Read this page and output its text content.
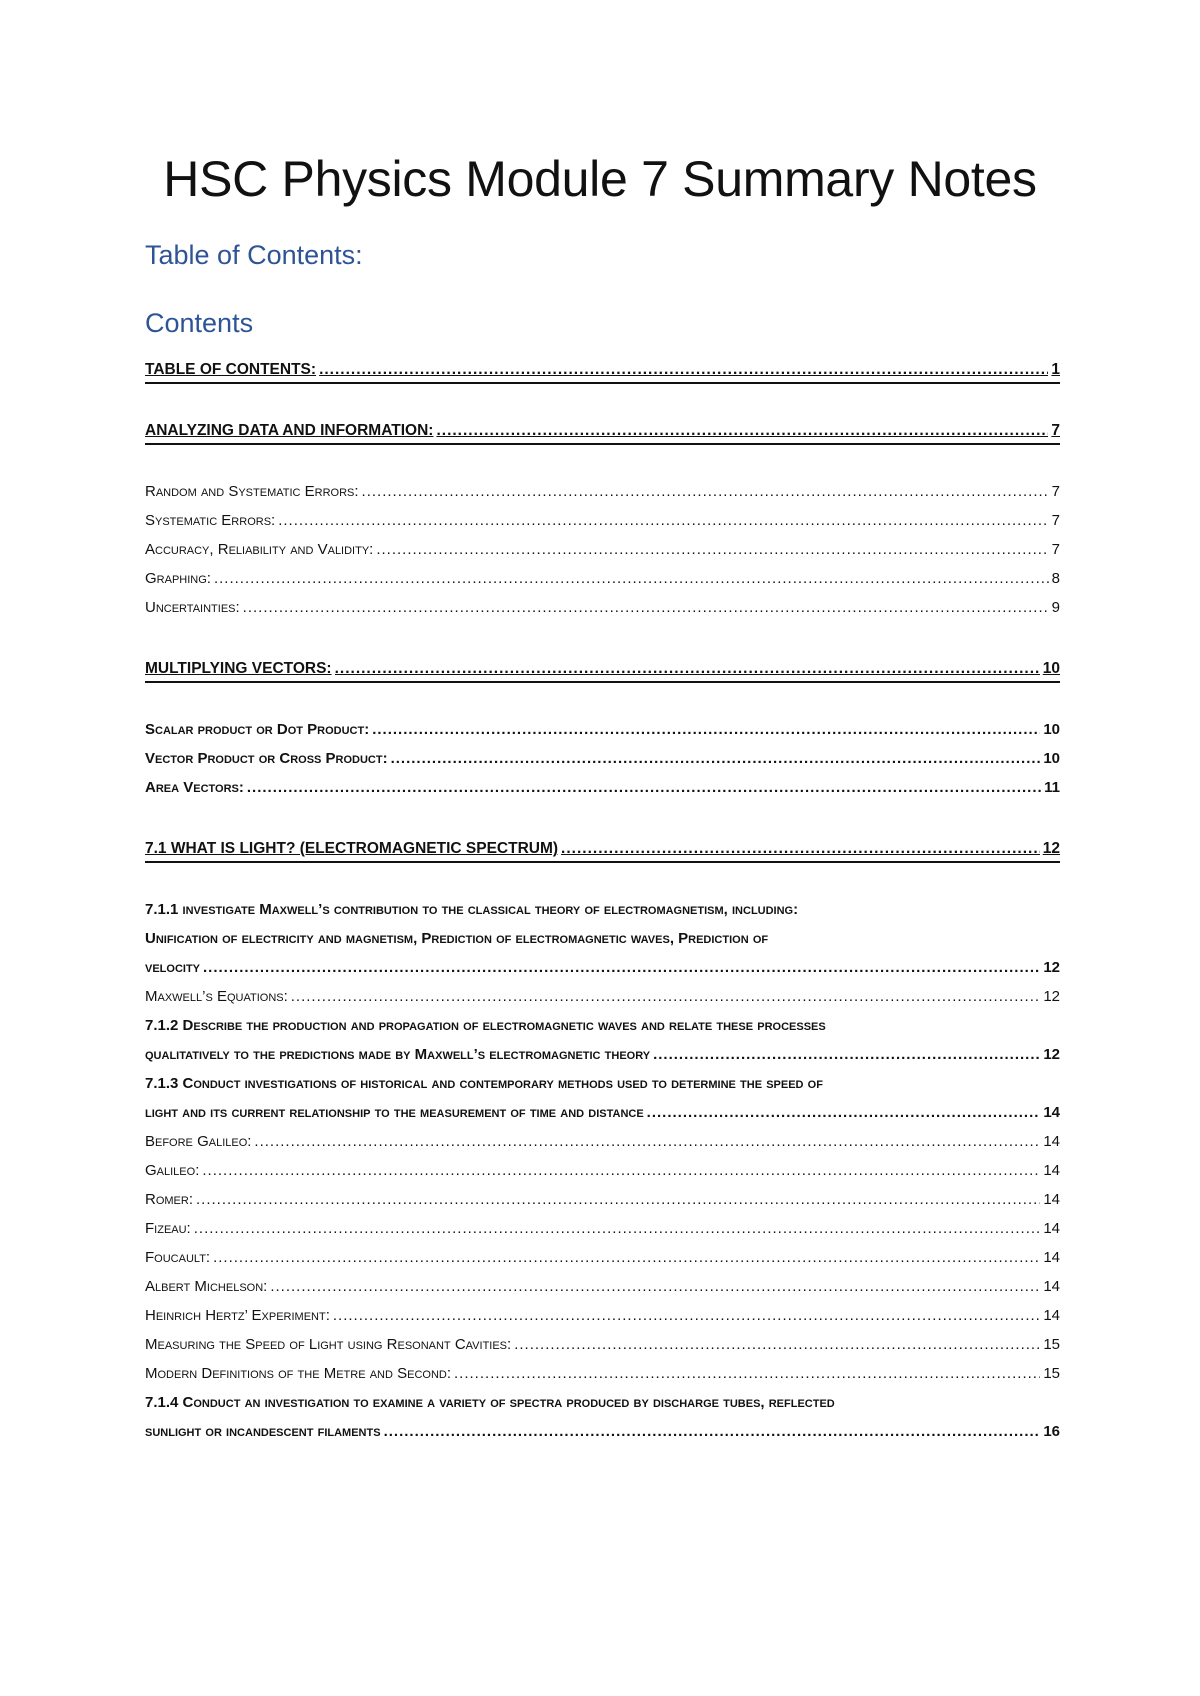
HSC Physics Module 7 Summary Notes
Table of Contents:
Contents
TABLE OF CONTENTS: .....	1
ANALYZING DATA AND INFORMATION: .....	7
Random and Systematic Errors: .....	7
Systematic Errors: .....	7
Accuracy, Reliability and Validity: .....	7
Graphing: .....	8
Uncertainties: .....	9
MULTIPLYING VECTORS: .....	10
Scalar product or Dot Product: .....	10
Vector Product or Cross Product: .....	10
Area Vectors: .....	11
7.1 WHAT IS LIGHT? (ELECTROMAGNETIC SPECTRUM) .....	12
7.1.1 investigate Maxwell’s contribution to the classical theory of electromagnetism, including:
Unification of electricity and magnetism, Prediction of electromagnetic waves, Prediction of
velocity .....	12
Maxwell’s Equations: .....	12
7.1.2 Describe the production and propagation of electromagnetic waves and relate these processes
qualitatively to the predictions made by Maxwell’s electromagnetic theory .....	12
7.1.3 Conduct investigations of historical and contemporary methods used to determine the speed of
light and its current relationship to the measurement of time and distance .....	14
Before Galileo: .....	14
Galileo: .....	14
Romer: .....	14
Fizeau: .....	14
Foucault: .....	14
Albert Michelson: .....	14
Heinrich Hertz’ Experiment: .....	14
Measuring the Speed of Light using Resonant Cavities: .....	15
Modern Definitions of the Metre and Second: .....	15
7.1.4 Conduct an investigation to examine a variety of spectra produced by discharge tubes, reflected
sunlight or incandescent filaments .....	16
